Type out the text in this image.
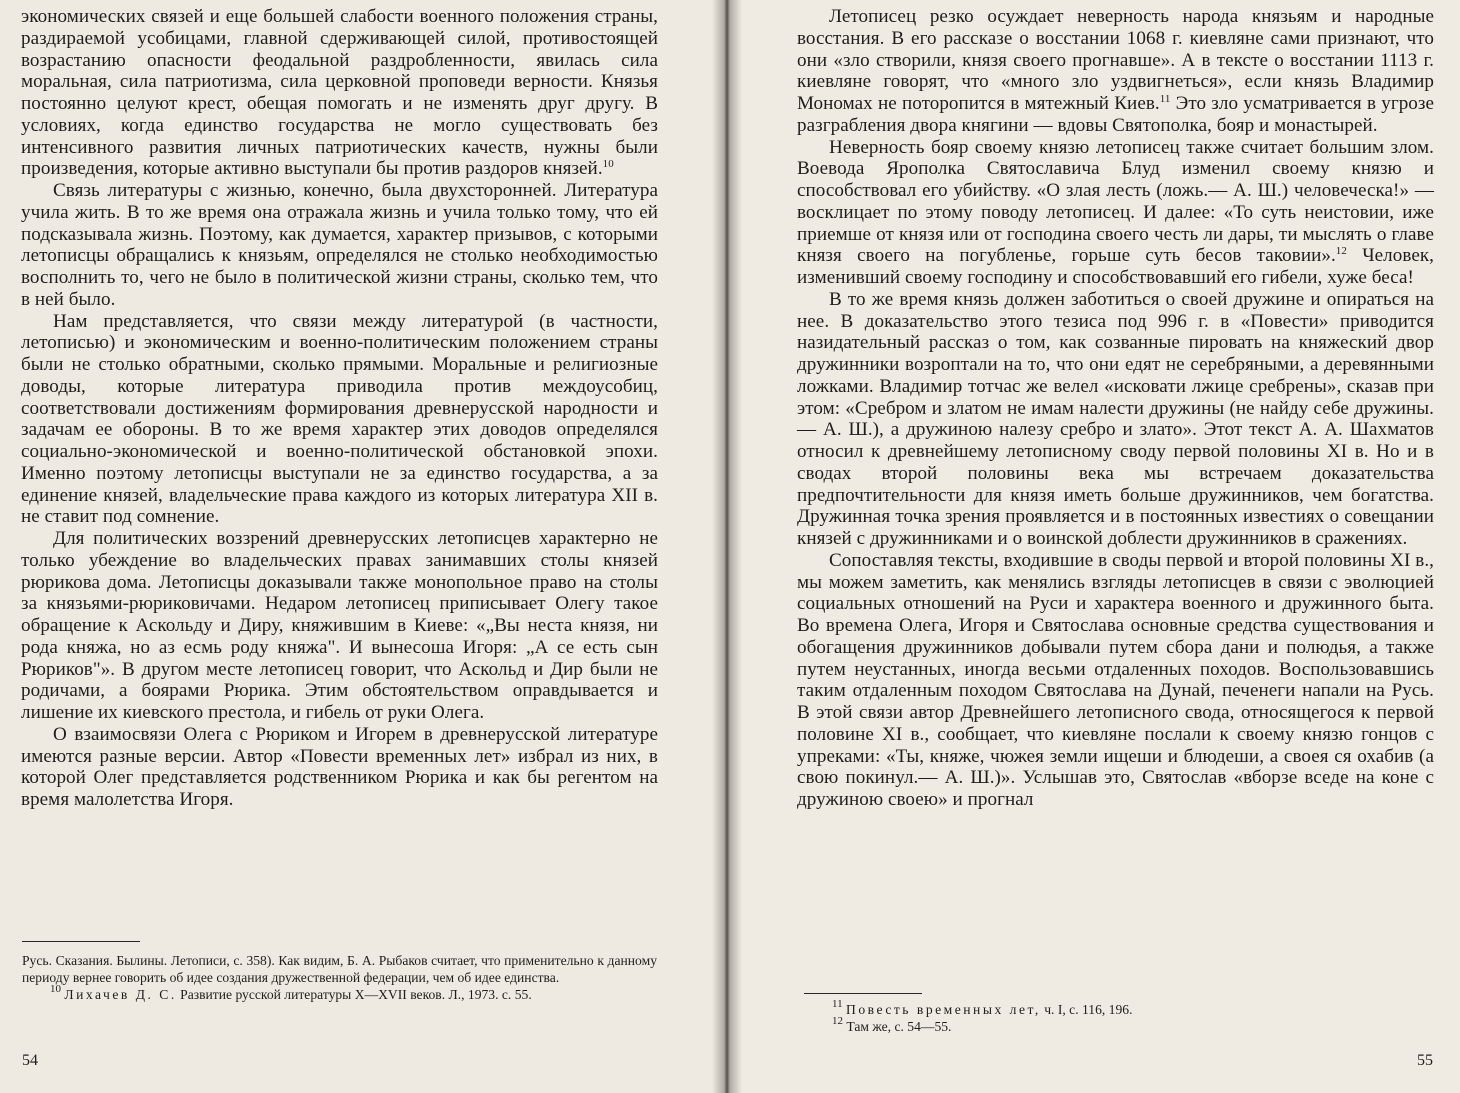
экономических связей и еще большей слабости военного положения страны, раздираемой усобицами, главной сдерживающей силой, противостоящей возрастанию опасности феодальной раздробленности, явилась сила моральная, сила патриотизма, сила церковной проповеди верности. Князья постоянно целуют крест, обещая помогать и не изменять друг другу. В условиях, когда единство государства не могло существовать без интенсивного развития личных патриотических качеств, нужны были произведения, которые активно выступали бы против раздоров князей.$^{10}$

Связь литературы с жизнью, конечно, была двухсторонней. Литература учила жить. В то же время она отражала жизнь и учила только тому, что ей подсказывала жизнь. Поэтому, как думается, характер призывов, с которыми летописцы обращались к князьям, определялся не столько необходимостью восполнить то, чего не было в политической жизни страны, сколько тем, что в ней было.

Нам представляется, что связи между литературой (в частности, летописью) и экономическим и военно-политическим положением страны были не столько обратными, сколько прямыми. Моральные и религиозные доводы, которые литература приводила против междоусобиц, соответствовали достижениям формирования древнерусской народности и задачам ее обороны. В то же время характер этих доводов определялся социально-экономической и военно-политической обстановкой эпохи. Именно поэтому летописцы выступали не за единство государства, а за единение князей, владельческие права каждого из которых литература XII в. не ставит под сомнение.

Для политических воззрений древнерусских летописцев характерно не только убеждение во владельческих правах занимавших столы князей рюрикова дома. Летописцы доказывали также монопольное право на столы за князьями-рюриковичами. Недаром летописец приписывает Олегу такое обращение к Аскольду и Диру, княжившим в Киеве: «„Вы неста князя, ни рода княжа, но аз есмь роду княжа". И вынесоша Игоря: „А се есть сын Рюриков"». В другом месте летописец говорит, что Аскольд и Дир были не родичами, а боярами Рюрика. Этим обстоятельством оправдывается и лишение их киевского престола, и гибель от руки Олега.

О взаимосвязи Олега с Рюриком и Игорем в древнерусской литературе имеются разные версии. Автор «Повести временных лет» избрал из них, в которой Олег представляется родственником Рюрика и как бы регентом на время малолетства Игоря.

Русь. Сказания. Былины. Летописи, с. 358). Как видим, Б. А. Рыбаков считает, что применительно к данному периоду вернее говорить об идее создания дружественной федерации, чем об идее единства.

$^{10}$ Лихачев Д. С. Развитие русской литературы X—XVII веков. Л., 1973. с. 55.

54

Летописец резко осуждает неверность народа князьям и народные восстания. В его рассказе о восстании 1068 г. киевляне сами признают, что они «зло створили, князя своего прогнавше». А в тексте о восстании 1113 г. киевляне говорят, что «много зло уздвигнеться», если князь Владимир Мономах не поторопится в мятежный Киев.$^{11}$ Это зло усматривается в угрозе разграбления двора княгини — вдовы Святополка, бояр и монастырей.

Неверность бояр своему князю летописец также считает большим злом. Воевода Ярополка Святославича Блуд изменил своему князю и способствовал его убийству. «О злая лесть (ложь.— А. Ш.) человеческа!» — восклицает по этому поводу летописец. И далее: «То суть неистовии, иже приемше от князя или от господина своего честь ли дары, ти мыслять о главе князя своего на погубленье, горьше суть бесов таковии».$^{12}$ Человек, изменивший своему господину и способствовавший его гибели, хуже беса!

В то же время князь должен заботиться о своей дружине и опираться на нее. В доказательство этого тезиса под 996 г. в «Повести» приводится назидательный рассказ о том, как созванные пировать на княжеский двор дружинники возроптали на то, что они едят не серебряными, а деревянными ложками. Владимир тотчас же велел «исковати лжице сребрены», сказав при этом: «Сребром и златом не имам налести дружины (не найду себе дружины.— А. Ш.), а дружиною налезу сребро и злато». Этот текст А. А. Шахматов относил к древнейшему летописному своду первой половины XI в. Но и в сводах второй половины века мы встречаем доказательства предпочтительности для князя иметь больше дружинников, чем богатства. Дружинная точка зрения проявляется и в постоянных известиях о совещании князей с дружинниками и о воинской доблести дружинников в сражениях.

Сопоставляя тексты, входившие в своды первой и второй половины XI в., мы можем заметить, как менялись взгляды летописцев в связи с эволюцией социальных отношений на Руси и характера военного и дружинного быта. Во времена Олега, Игоря и Святослава основные средства существования и обогащения дружинников добывали путем сбора дани и полюдья, а также путем неустанных, иногда весьми отдаленных походов. Воспользовавшись таким отдаленным походом Святослава на Дунай, печенеги напали на Русь. В этой связи автор Древнейшего летописного свода, относящегося к первой половине XI в., сообщает, что киевляне послали к своему князю гонцов с упреками: «Ты, княже, чюжея земли ищеши и блюдеши, а своея ся охабив (а свою покинул.— А. Ш.)». Услышав это, Святослав «вборзе вседе на коне с дружиною своею» и прогнал

$^{11}$ Повесть временных лет, ч. I, с. 116, 196.

$^{12}$ Там же, с. 54—55.

55
